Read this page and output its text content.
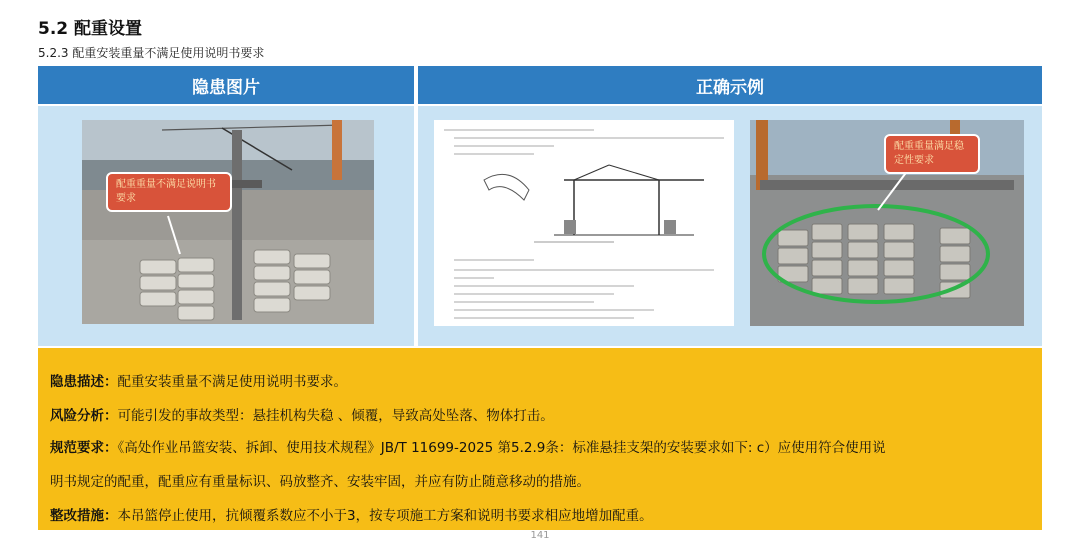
5.2 配重设置
5.2.3 配重安装重量不满足使用说明书要求
隐患图片	正确示例
配重重量不满足说明书要求
配重重量满足稳定性要求
隐患描述：配重安装重量不满足使用说明书要求。
风险分析：可能引发的事故类型：悬挂机构失稳 、倾覆，导致高处坠落、物体打击。
规范要求：《高处作业吊篮安装、拆卸、使用技术规程》JB/T 11699-2025 第5.2.9条：标准悬挂支架的安装要求如下: c）应使用符合使用说
明书规定的配重，配重应有重量标识、码放整齐、安装牢固，并应有防止随意移动的措施。
整改措施：本吊篮停止使用，抗倾覆系数应不小于3，按专项施工方案和说明书要求相应地增加配重。
141
